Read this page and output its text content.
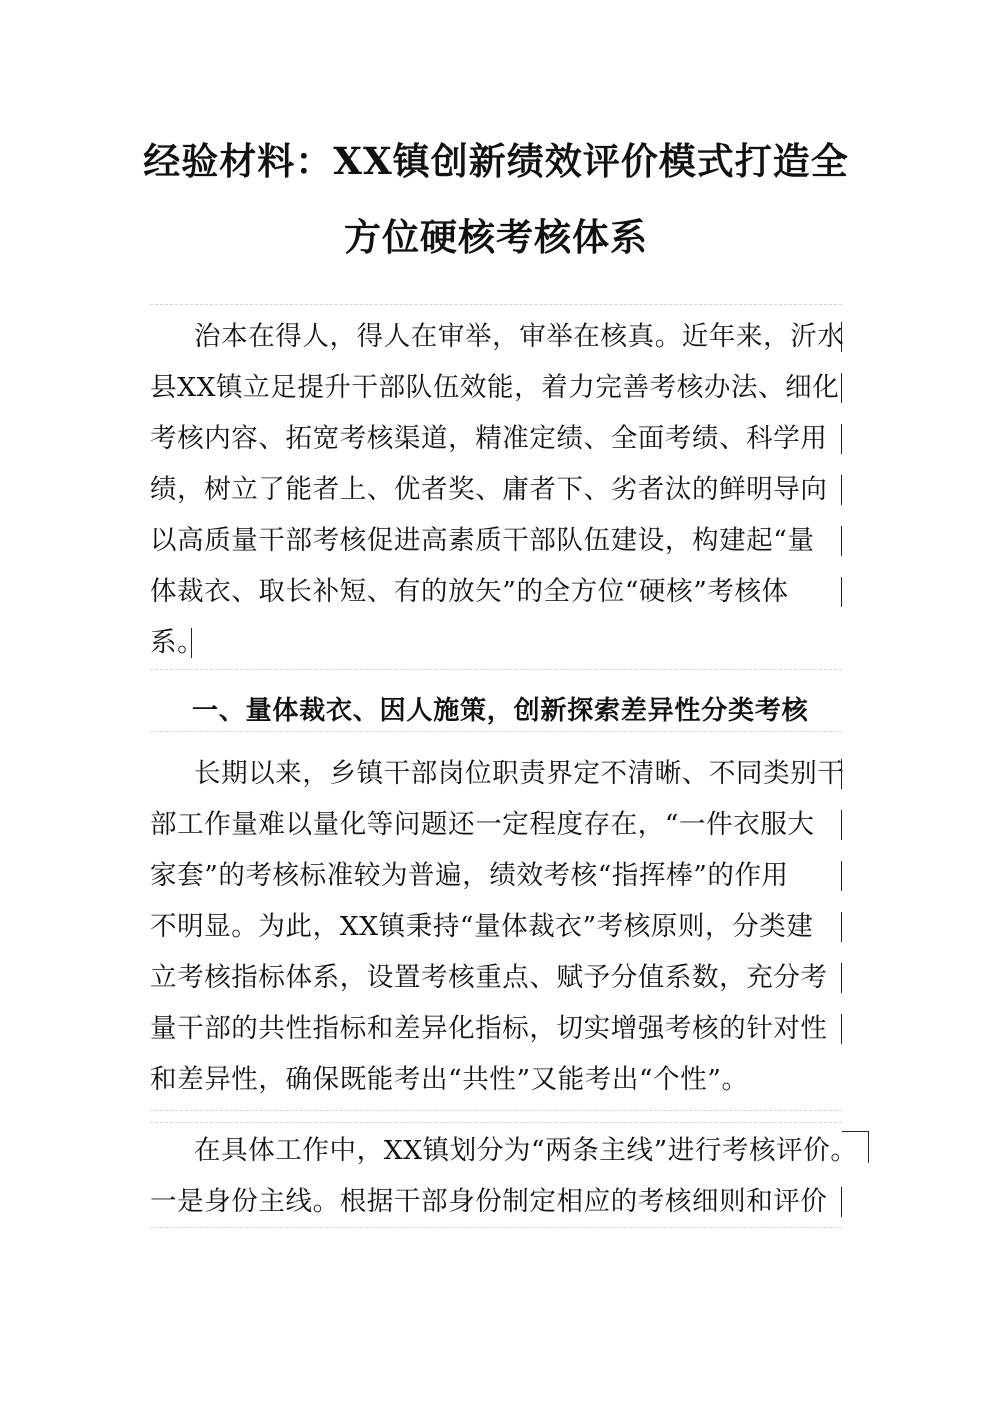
经验材料：XX镇创新绩效评价模式打造全
方位硬核考核体系
治本在得人，得人在审举，审举在核真。近年来，沂水
县XX镇立足提升干部队伍效能，着力完善考核办法、细化
考核内容、拓宽考核渠道，精准定绩、全面考绩、科学用
绩，树立了能者上、优者奖、庸者下、劣者汰的鲜明导向
以高质量干部考核促进高素质干部队伍建设，构建起“量
体裁衣、取长补短、有的放矢”的全方位“硬核”考核体
系。
一、量体裁衣、因人施策，创新探索差异性分类考核
长期以来，乡镇干部岗位职责界定不清晰、不同类别干
部工作量难以量化等问题还一定程度存在，“一件衣服大
家套”的考核标准较为普遍，绩效考核“指挥棒”的作用
不明显。为此，XX镇秉持“量体裁衣”考核原则，分类建
立考核指标体系，设置考核重点、赋予分值系数，充分考
量干部的共性指标和差异化指标，切实增强考核的针对性
和差异性，确保既能考出“共性”又能考出“个性”。
在具体工作中，XX镇划分为“两条主线”进行考核评价。
一是身份主线。根据干部身份制定相应的考核细则和评价
